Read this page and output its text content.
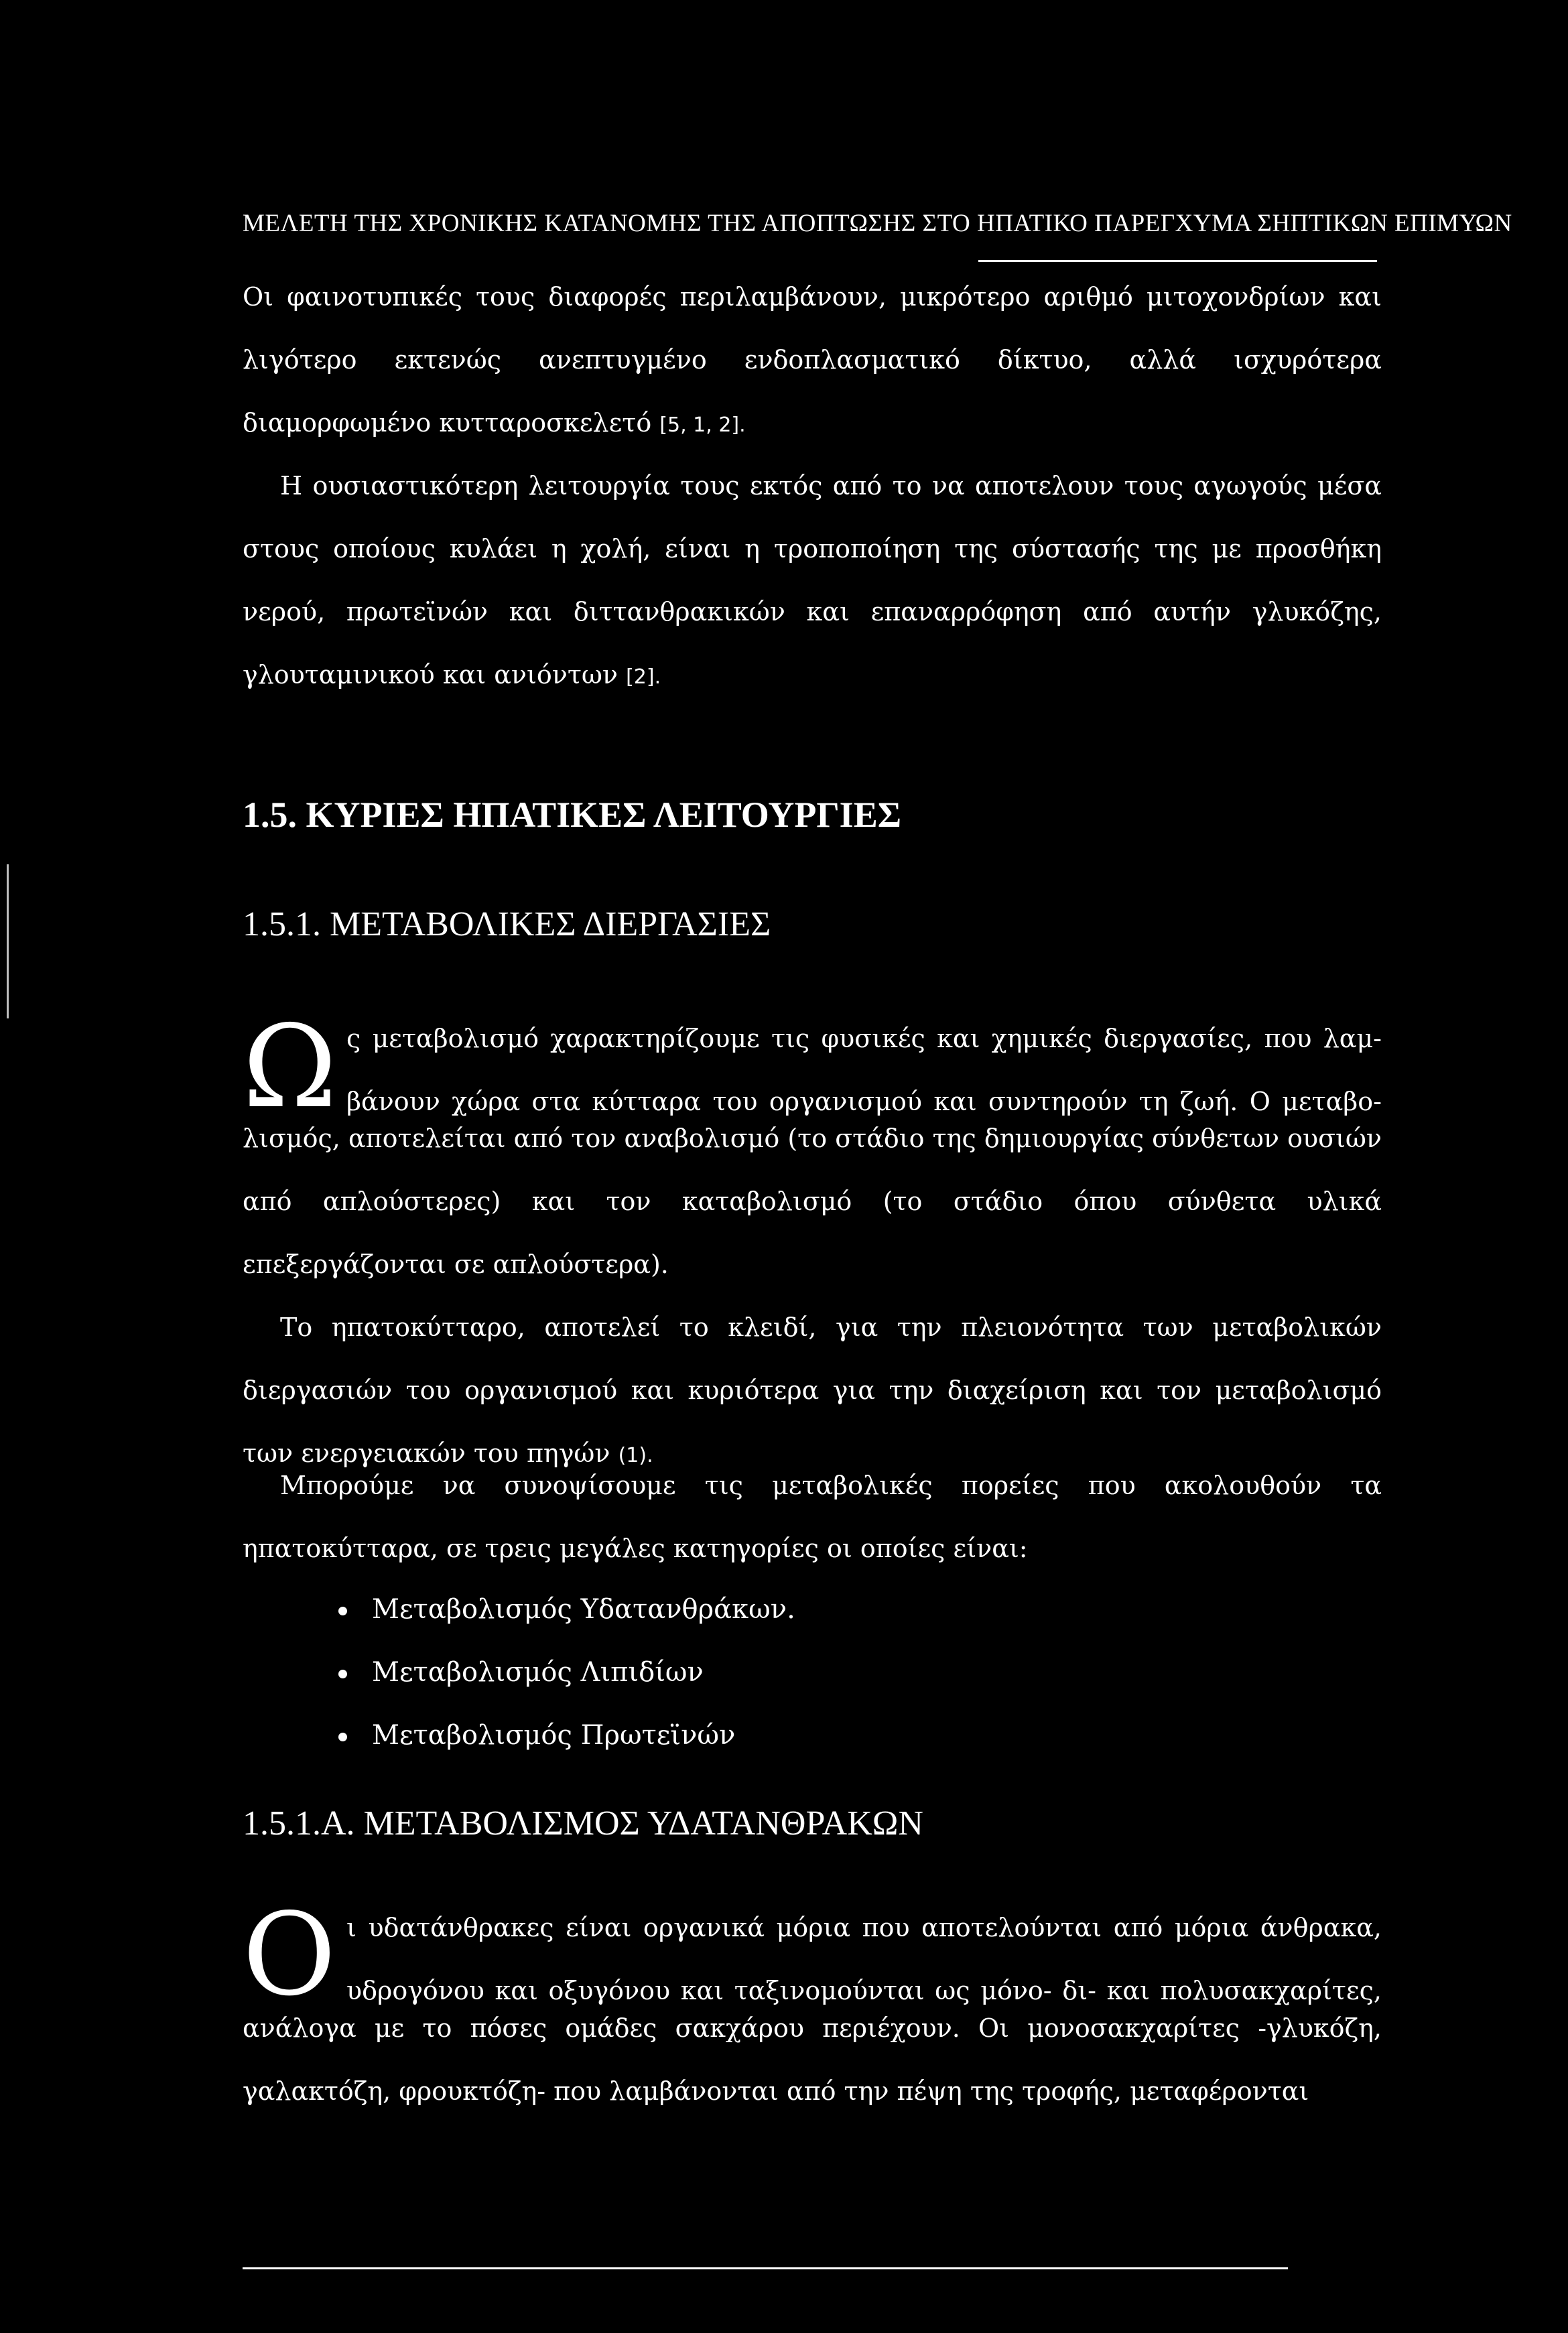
ΜΕΛΕΤΗ ΤΗΣ ΧΡΟΝΙΚΗΣ ΚΑΤΑΝΟΜΗΣ ΤΗΣ ΑΠΟΠΤΩΣΗΣ ΣΤΟ ΗΠΑΤΙΚΟ ΠΑΡΕΓΧΥΜΑ ΣΗΠΤΙΚΩΝ ΕΠΙΜΥΩΝ

Οι φαινοτυπικές τους διαφορές περιλαμβάνουν, μικρότερο αριθμό μιτοχονδρίων και λιγότερο εκτενώς ανεπτυγμένο ενδοπλασματικό δίκτυο, αλλά ισχυρότερα διαμορφωμένο κυτταροσκελετό [5, 1, 2].

Η ουσιαστικότερη λειτουργία τους εκτός από το να αποτελουν τους αγωγούς μέσα στους οποίους κυλάει η χολή, είναι η τροποποίηση της σύστασής της με προσθήκη νερού, πρωτεϊνών και διττανθρακικών και επαναρρόφηση από αυτήν γλυκόζης, γλουταμινικού και ανιόντων [2].

1.5. ΚΥΡΙΕΣ ΗΠΑΤΙΚΕΣ ΛΕΙΤΟΥΡΓΙΕΣ
1.5.1. ΜΕΤΑΒΟΛΙΚΕΣ ΔΙΕΡΓΑΣΙΕΣ
Ω ς μεταβολισμό χαρακτηρίζουμε τις φυσικές και χημικές διεργασίες, που λαμ-
βάνουν χώρα στα κύτταρα του οργανισμού και συντηρούν τη ζωή. Ο μεταβο-

λισμός, αποτελείται από τον αναβολισμό (το στάδιο της δημιουργίας σύνθετων ουσιών από απλούστερες) και τον καταβολισμό (το στάδιο όπου σύνθετα υλικά επεξεργάζονται σε απλούστερα).

Το ηπατοκύτταρο, αποτελεί το κλειδί, για την πλειονότητα των μεταβολικών διεργασιών του οργανισμού και κυριότερα για την διαχείριση και τον μεταβολισμό των ενεργειακών του πηγών (1).

Μπορούμε να συνοψίσουμε τις μεταβολικές πορείες που ακολουθούν τα ηπατοκύτταρα, σε τρεις μεγάλες κατηγορίες οι οποίες είναι:

Μεταβολισμός Υδατανθράκων.
Μεταβολισμός Λιπιδίων
Μεταβολισμός Πρωτεϊνών
1.5.1.Α. ΜΕΤΑΒΟΛΙΣΜΟΣ ΥΔΑΤΑΝΘΡΑΚΩΝ
Ο ι υδατάνθρακες είναι οργανικά μόρια που αποτελούνται από μόρια άνθρακα,
υδρογόνου και οξυγόνου και ταξινομούνται ως μόνο- δι- και πολυσακχαρίτες,

ανάλογα με το πόσες ομάδες σακχάρου περιέχουν. Οι μονοσακχαρίτες -γλυκόζη, γαλακτόζη, φρουκτόζη- που λαμβάνονται από την πέψη της τροφής, μεταφέρονται
